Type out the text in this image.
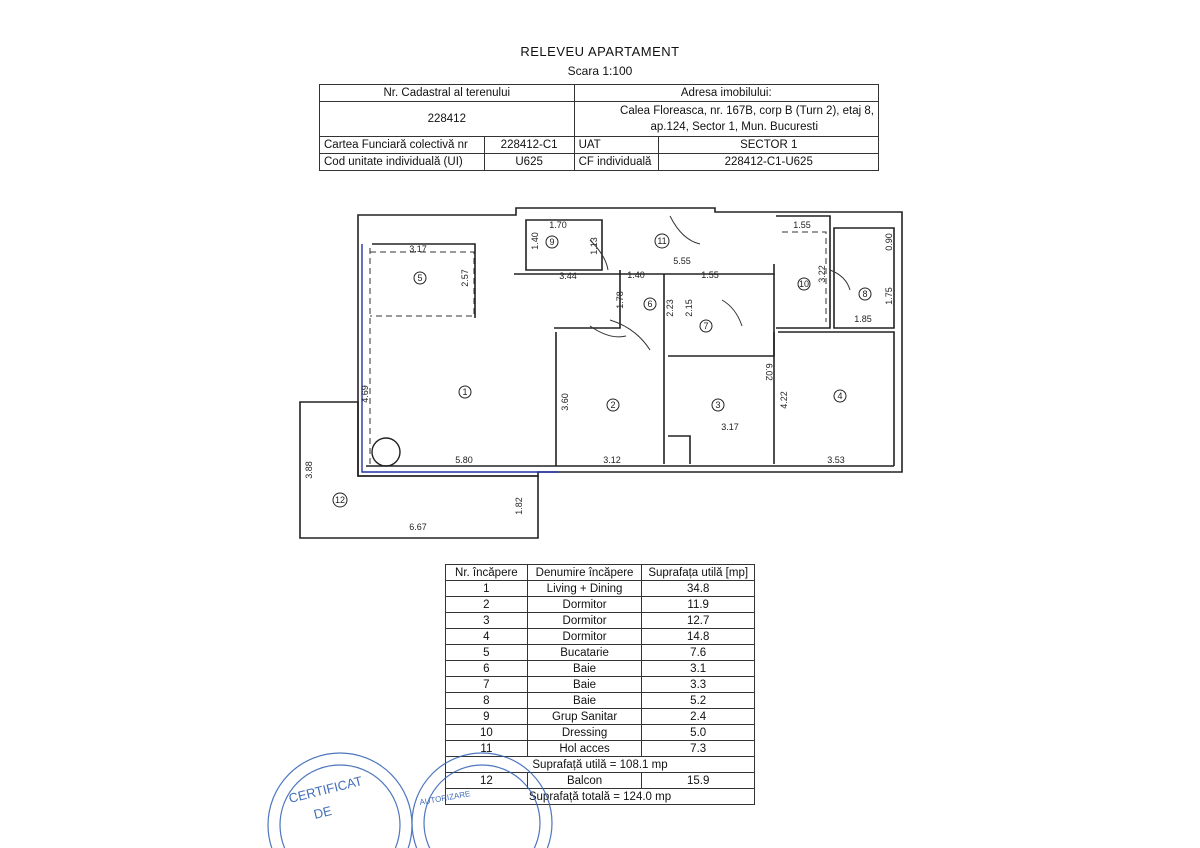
RELEVEU APARTAMENT
Scara 1:100
Nr. Cadastral al terenului		Adresa imobilului:	
228412		Calea Floreasca, nr. 167B, corp B (Turn 2), etaj 8,
ap.124, Sector 1, Mun. Bucuresti	

Cartea Funciară colectivă nr	228412-C1	UAT	SECTOR 1
Cod unitate individuală (UI)	U625	CF individuală	228412-C1-U625
5
1
2	3
4
6
7
8
9
10
11
12
3.17
2.57
1.70
1.40	1.13
3.44
5.55
1.55
0.90
3.22
1.75
1.85
1.40	1.55
1.78	2.23 2.15
6.02
4.69	3.60	4.22
3.17
5.80	3.12	3.53
3.88
1.82
6.67
Nr. încăpere	Denumire încăpere	Suprafața utilă [mp]
1	Living + Dining	34.8
2	Dormitor	11.9
3	Dormitor	12.7
4	Dormitor	14.8
5	Bucatarie	7.6
6	Baie	3.1
7	Baie	3.3
8	Baie	5.2
9	Grup Sanitar	2.4
10	Dressing	5.0
11	Hol acces	7.3
Suprafață utilă = 108.1 mp		
12	Balcon	15.9
Suprafață totală = 124.0 mp		
CERTIFICAT
DE
AUTORIZARE
